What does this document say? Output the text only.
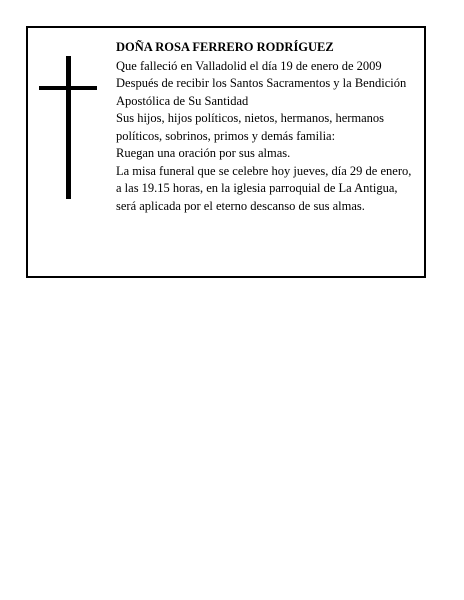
DOÑA ROSA FERRERO RODRÍGUEZ

Que falleció en Valladolid el día 19 de enero de 2009

Después de recibir los Santos Sacramentos y la Bendición Apostólica de Su Santidad

Sus hijos, hijos políticos, nietos, hermanos, hermanos políticos, sobrinos, primos y demás familia:

Ruegan una oración por sus almas.

La misa funeral que se celebre hoy jueves, día 29 de enero, a las 19.15 horas, en la iglesia parroquial de La Antigua, será aplicada por el eterno descanso de sus almas.
